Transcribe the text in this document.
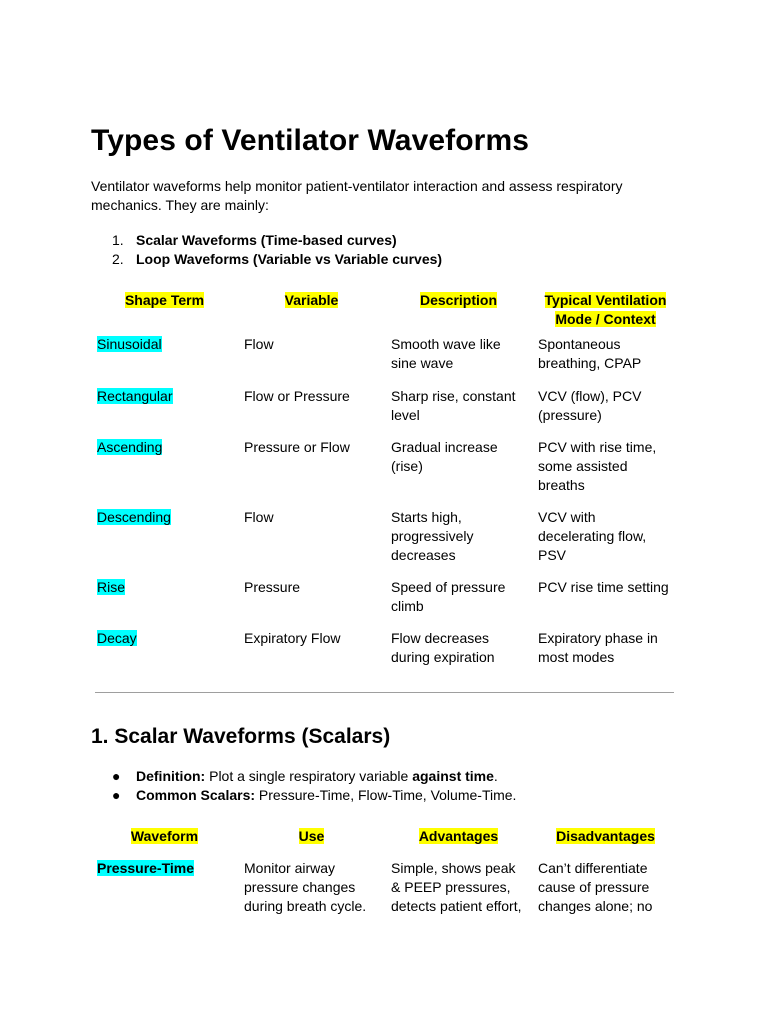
Types of Ventilator Waveforms

Ventilator waveforms help monitor patient-ventilator interaction and assess respiratory mechanics. They are mainly:

1. Scalar Waveforms (Time-based curves)
2. Loop Waveforms (Variable vs Variable curves)
Shape Term	Variable	Description	Typical Ventilation Mode / Context
Sinusoidal	Flow	Smooth wave like sine wave	Spontaneous breathing, CPAP
Rectangular	Flow or Pressure	Sharp rise, constant level	VCV (flow), PCV (pressure)
Ascending	Pressure or Flow	Gradual increase (rise)	PCV with rise time, some assisted breaths
Descending	Flow	Starts high, progressively decreases	VCV with decelerating flow, PSV
Rise	Pressure	Speed of pressure climb	PCV rise time setting
Decay	Expiratory Flow	Flow decreases during expiration	Expiratory phase in most modes
1. Scalar Waveforms (Scalars)
● Definition: Plot a single respiratory variable against time.
● Common Scalars: Pressure-Time, Flow-Time, Volume-Time.
Waveform	Use	Advantages	Disadvantages
Pressure-Time	Monitor airway pressure changes during breath cycle.	Simple, shows peak & PEEP pressures, detects patient effort,	Can’t differentiate cause of pressure changes alone; no
